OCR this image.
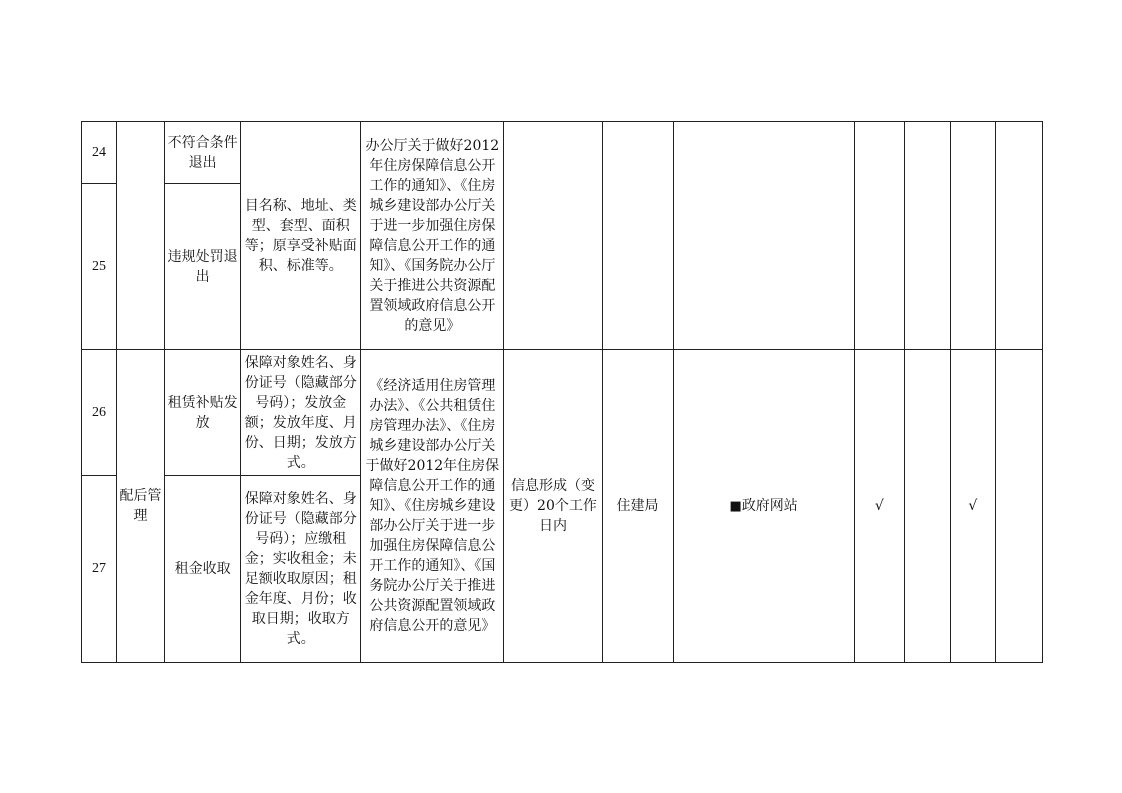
24		不符合条件退出	目名称、地址、类型、套型、面积等；原享受补贴面积、标准等。	办公厅关于做好2012年住房保障信息公开工作的通知》、《住房城乡建设部办公厅关于进一步加强住房保障信息公开工作的通知》、《国务院办公厅关于推进公共资源配置领域政府信息公开的意见》							

25		违规处罚退出									

26	配后管理	租赁补贴发放	保障对象姓名、身份证号（隐藏部分号码）；发放金额；发放年度、月份、日期；发放方式。	《经济适用住房管理办法》、《公共租赁住房管理办法》、《住房城乡建设部办公厅关于做好2012年住房保障信息公开工作的通知》、《住房城乡建设部办公厅关于进一步加强住房保障信息公开工作的通知》、《国务院办公厅关于推进公共资源配置领域政府信息公开的意见》	信息形成（变更）20个工作日内	住建局	■政府网站	√		√	
27		租金收取	保障对象姓名、身份证号（隐藏部分号码）；应缴租金；实收租金；未足额收取原因；租金年度、月份；收取日期；收取方式。								
